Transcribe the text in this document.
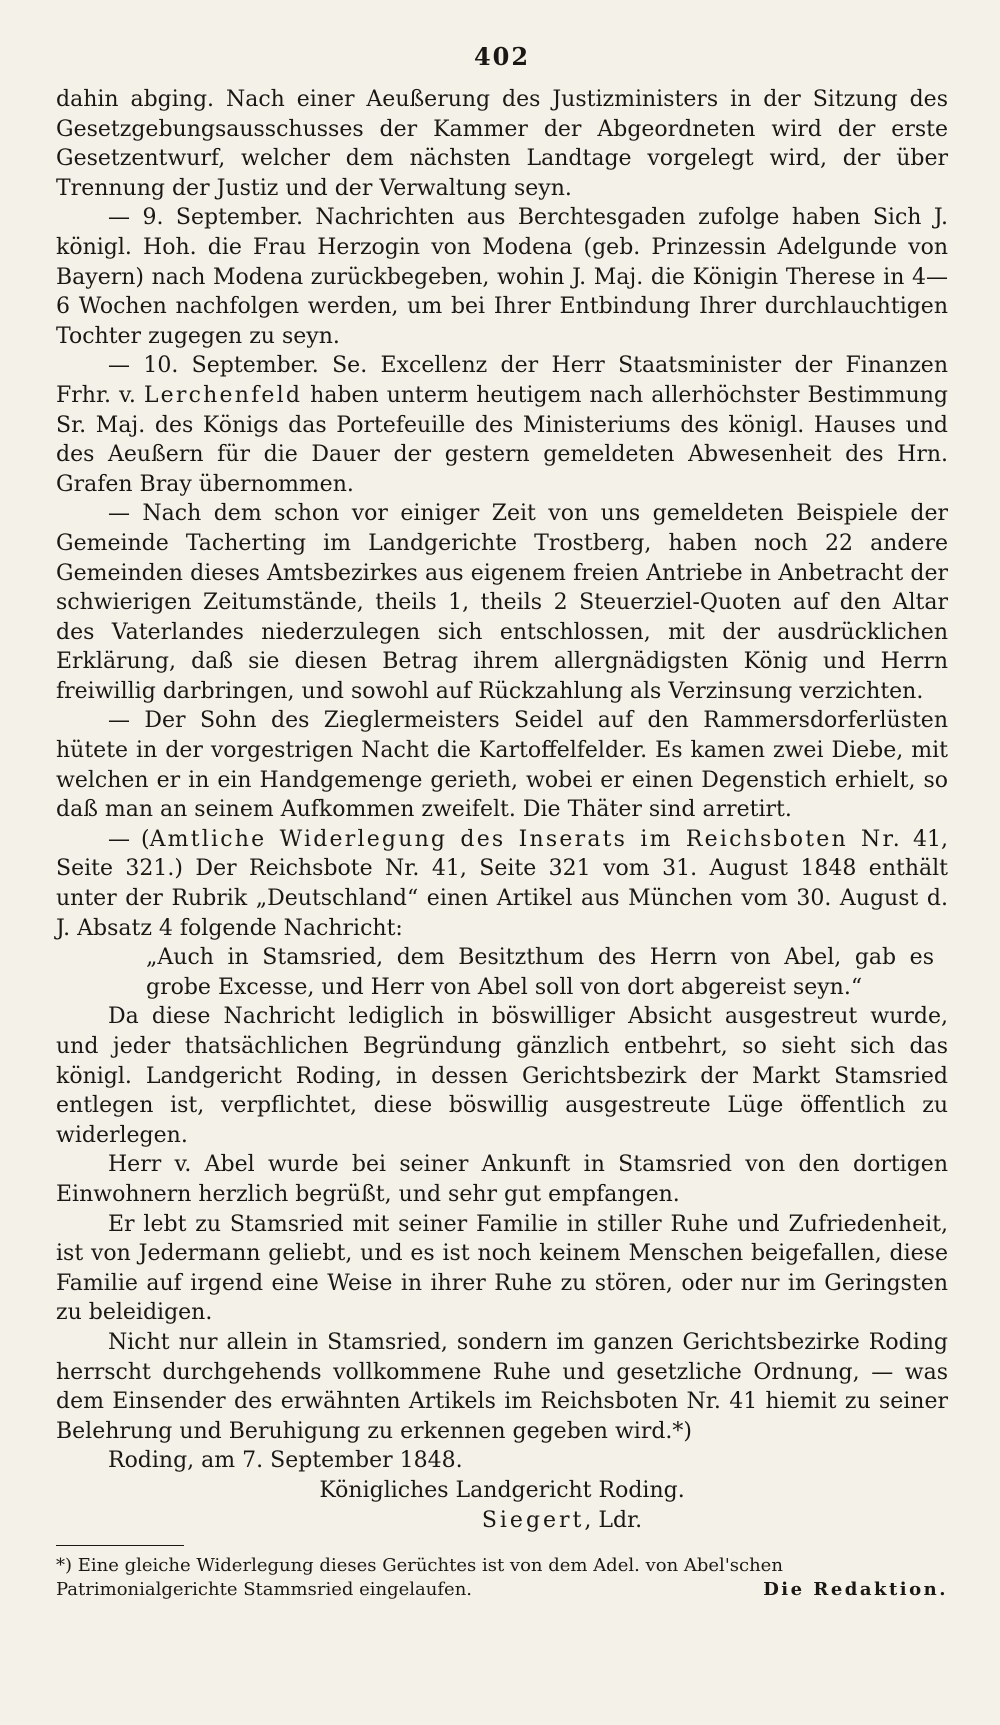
402

dahin abging. Nach einer Aeußerung des Justizministers in der Sitzung des Gesetzgebungsausschusses der Kammer der Abgeordneten wird der erste Gesetzentwurf, welcher dem nächsten Landtage vorgelegt wird, der über Trennung der Justiz und der Verwaltung seyn.

— 9. September. Nachrichten aus Berchtesgaden zufolge haben Sich J. königl. Hoh. die Frau Herzogin von Modena (geb. Prinzessin Adelgunde von Bayern) nach Modena zurückbegeben, wohin J. Maj. die Königin Therese in 4—6 Wochen nachfolgen werden, um bei Ihrer Entbindung Ihrer durchlauchtigen Tochter zugegen zu seyn.

— 10. September. Se. Excellenz der Herr Staatsminister der Finanzen Frhr. v. Lerchenfeld haben unterm heutigem nach allerhöchster Bestimmung Sr. Maj. des Königs das Portefeuille des Ministeriums des königl. Hauses und des Aeußern für die Dauer der gestern gemeldeten Abwesenheit des Hrn. Grafen Bray übernommen.

— Nach dem schon vor einiger Zeit von uns gemeldeten Beispiele der Gemeinde Tacherting im Landgerichte Trostberg, haben noch 22 andere Gemeinden dieses Amtsbezirkes aus eigenem freien Antriebe in Anbetracht der schwierigen Zeitumstände, theils 1, theils 2 Steuerziel-Quoten auf den Altar des Vaterlandes niederzulegen sich entschlossen, mit der ausdrücklichen Erklärung, daß sie diesen Betrag ihrem allergnädigsten König und Herrn freiwillig darbringen, und sowohl auf Rückzahlung als Verzinsung verzichten.

— Der Sohn des Zieglermeisters Seidel auf den Rammersdorferlüsten hütete in der vorgestrigen Nacht die Kartoffelfelder. Es kamen zwei Diebe, mit welchen er in ein Handgemenge gerieth, wobei er einen Degenstich erhielt, so daß man an seinem Aufkommen zweifelt. Die Thäter sind arretirt.

— (Amtliche Widerlegung des Inserats im Reichsboten Nr. 41, Seite 321.) Der Reichsbote Nr. 41, Seite 321 vom 31. August 1848 enthält unter der Rubrik „Deutschland“ einen Artikel aus München vom 30. August d. J. Absatz 4 folgende Nachricht:

„Auch in Stamsried, dem Besitzthum des Herrn von Abel, gab es grobe Excesse, und Herr von Abel soll von dort abgereist seyn.“

Da diese Nachricht lediglich in böswilliger Absicht ausgestreut wurde, und jeder thatsächlichen Begründung gänzlich entbehrt, so sieht sich das königl. Landgericht Roding, in dessen Gerichtsbezirk der Markt Stamsried entlegen ist, verpflichtet, diese böswillig ausgestreute Lüge öffentlich zu widerlegen.

Herr v. Abel wurde bei seiner Ankunft in Stamsried von den dortigen Einwohnern herzlich begrüßt, und sehr gut empfangen.

Er lebt zu Stamsried mit seiner Familie in stiller Ruhe und Zufriedenheit, ist von Jedermann geliebt, und es ist noch keinem Menschen beigefallen, diese Familie auf irgend eine Weise in ihrer Ruhe zu stören, oder nur im Geringsten zu beleidigen.

Nicht nur allein in Stamsried, sondern im ganzen Gerichtsbezirke Roding herrscht durchgehends vollkommene Ruhe und gesetzliche Ordnung, — was dem Einsender des erwähnten Artikels im Reichsboten Nr. 41 hiemit zu seiner Belehrung und Beruhigung zu erkennen gegeben wird.*)

Roding, am 7. September 1848.

Königliches Landgericht Roding.

Siegert, Ldr.

*) Eine gleiche Widerlegung dieses Gerüchtes ist von dem Adel. von Abel'schen
Patrimonialgerichte Stammsried eingelaufen.	Die Redaktion.
